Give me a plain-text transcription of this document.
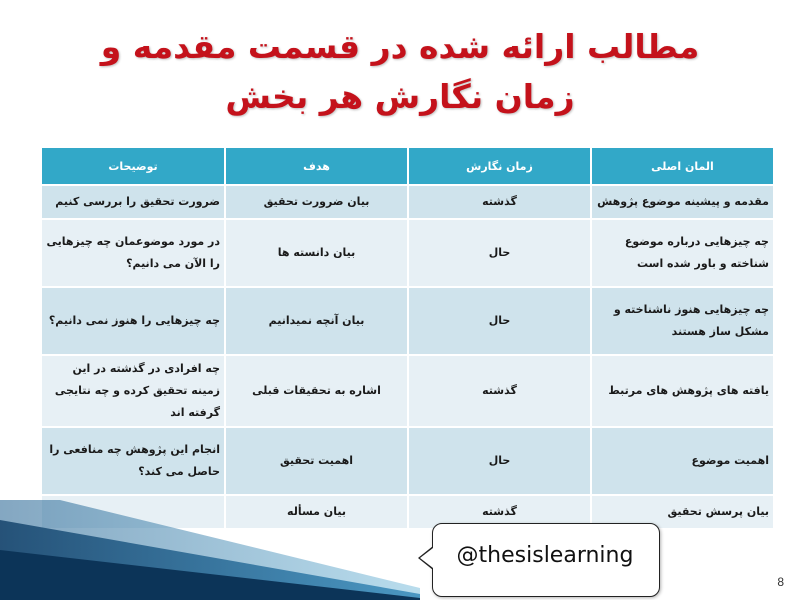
مطالب ارائه شده در قسمت مقدمه و زمان نگارش هر بخش
المان اصلی	زمان نگارش	هدف	توضیحات
مقدمه و پیشینه موضوع پژوهش	گذشته	بیان ضرورت تحقیق	ضرورت تحقیق را بررسی کنیم
چه چیزهایی درباره موضوع شناخته و باور شده است	حال	بیان دانسته ها	در مورد موضوعمان چه چیزهایی را الآن می دانیم؟
چه چیزهایی هنوز ناشناخته و مشکل ساز هستند	حال	بیان آنچه نمیدانیم	چه چیزهایی را هنوز نمی دانیم؟
یافته های پژوهش های مرتبط	گذشته	اشاره به تحقیقات قبلی	چه افرادی در گذشته در این زمینه تحقیق کرده و چه نتایجی گرفته اند
اهمیت موضوع	حال	اهمیت تحقیق	انجام این پژوهش چه منافعی را حاصل می کند؟
بیان پرسش تحقیق	گذشته	بیان مسأله	
@thesislearning
8
